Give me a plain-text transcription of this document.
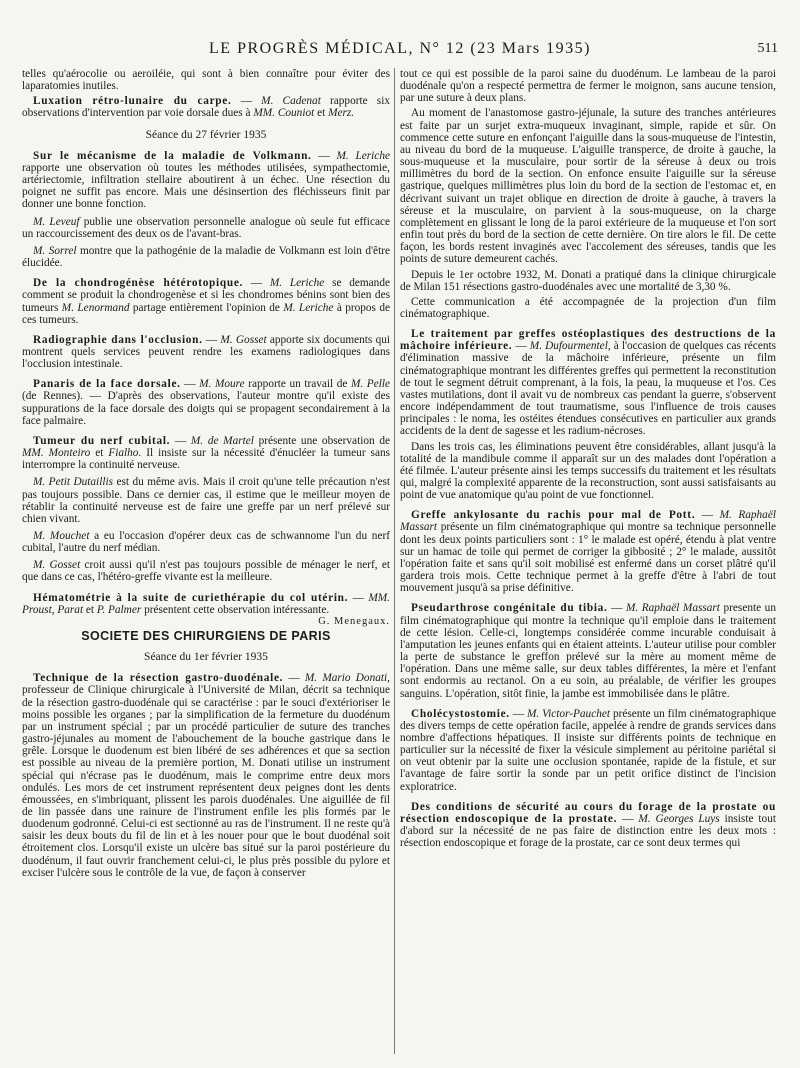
LE PROGRÈS MÉDICAL, N° 12 (23 Mars 1935)	511

telles qu'aérocolie ou aeroiléie, qui sont à bien connaître pour éviter des laparatomies inutiles.

Luxation rétro-lunaire du carpe. — M. Cadenat rapporte six observations d'intervention par voie dorsale dues à MM. Couniot et Merz.

Séance du 27 février 1935

Sur le mécanisme de la maladie de Volkmann. — M. Leriche rapporte une observation où toutes les méthodes utilisées, sympathectomie, artériectomie, infiltration stellaire aboutirent à un échec. Une résection du poignet ne suffit pas encore. Mais une désinsertion des fléchisseurs finit par donner une bonne fonction.

M. Leveuf publie une observation personnelle analogue où seule fut efficace un raccourcissement des deux os de l'avant-bras.

M. Sorrel montre que la pathogénie de la maladie de Volkmann est loin d'être élucidée.

De la chondrogénèse hétérotopique. — M. Leriche se demande comment se produit la chondrogenèse et si les chondromes bénins sont bien des tumeurs M. Lenormand partage entièrement l'opinion de M. Leriche à propos de ces tumeurs.

Radiographie dans l'occlusion. — M. Gosset apporte six documents qui montrent quels services peuvent rendre les examens radiologiques dans l'occlusion intestinale.

Panaris de la face dorsale. — M. Moure rapporte un travail de M. Pelle (de Rennes). — D'après des observations, l'auteur montre qu'il existe des suppurations de la face dorsale des doigts qui se propagent secondairement à la face palmaire.

Tumeur du nerf cubital. — M. de Martel présente une observation de MM. Monteiro et Fialho. Il insiste sur la nécessité d'énucléer la tumeur sans interrompre la continuité nerveuse.

M. Petit Dutaillis est du même avis. Mais il croit qu'une telle précaution n'est pas toujours possible. Dans ce dernier cas, il estime que le meilleur moyen de rétablir la continuité nerveuse est de faire une greffe par un nerf prélevé sur chien vivant.

M. Mouchet a eu l'occasion d'opérer deux cas de schwannome l'un du nerf cubital, l'autre du nerf médian.

M. Gosset croit aussi qu'il n'est pas toujours possible de ménager le nerf, et que dans ce cas, l'hétéro-greffe vivante est la meilleure.

Hématométrie à la suite de curiethérapie du col utérin. — MM. Proust, Parat et P. Palmer présentent cette observation intéressante.
G. Menegaux.

SOCIETE DES CHIRURGIENS DE PARIS
Séance du 1er février 1935

Technique de la résection gastro-duodénale. — M. Mario Donati, professeur de Clinique chirurgicale à l'Université de Milan, décrit sa technique de la résection gastro-duodénale qui se caractérise : par le souci d'extérioriser le moins possible les organes ; par la simplification de la fermeture du duodénum par un instrument spécial ; par un procédé particulier de suture des tranches gastro-jéjunales au moment de l'abouchement de la bouche gastrique dans le grêle. Lorsque le duodenum est bien libéré de ses adhérences et que sa section est possible au niveau de la première portion, M. Donati utilise un instrument spécial qui n'écrase pas le duodénum, mais le comprime entre deux mors ondulés. Les mors de cet instrument représentent deux peignes dont les dents émoussées, en s'imbriquant, plissent les parois duodénales. Une aiguillée de fil de lin passée dans une rainure de l'instrument enfile les plis formés par le duodenum godronné. Celui-ci est sectionné au ras de l'instrument. Il ne reste qu'à saisir les deux bouts du fil de lin et à les nouer pour que le bout duodénal soit étroitement clos. Lorsqu'il existe un ulcère bas situé sur la paroi postérieure du duodénum, il faut ouvrir franchement celui-ci, le plus près possible du pylore et exciser l'ulcère sous le contrôle de la vue, de façon à conserver

tout ce qui est possible de la paroi saine du duodénum. Le lambeau de la paroi duodénale qu'on a respecté permettra de fermer le moignon, sans aucune tension, par une suture à deux plans.

Au moment de l'anastomose gastro-jéjunale, la suture des tranches antérieures est faite par un surjet extra-muqueux invaginant, simple, rapide et sûr. On commence cette suture en enfonçant l'aiguille dans la sous-muqueuse de l'intestin, au niveau du bord de la muqueuse. L'aiguille transperce, de droite à gauche, la sous-muqueuse et la musculaire, pour sortir de la séreuse à deux ou trois millimètres du bord de la section. On enfonce ensuite l'aiguille sur la séreuse gastrique, quelques millimètres plus loin du bord de la section de l'estomac et, en décrivant suivant un trajet oblique en direction de droite à gauche, à travers la séreuse et la musculaire, on parvient à la sous-muqueuse, on la charge complètement en glissant le long de la paroi extérieure de la muqueuse et l'on sort enfin tout près du bord de la section de cette dernière. On tire alors le fil. De cette façon, les bords restent invaginés avec l'accolement des séreuses, tandis que les points de suture demeurent cachés.

Depuis le 1er octobre 1932, M. Donati a pratiqué dans la clinique chirurgicale de Milan 151 résections gastro-duodénales avec une mortalité de 3,30 %.

Cette communication a été accompagnée de la projection d'un film cinématographique.

Le traitement par greffes ostéoplastiques des destructions de la mâchoire inférieure. — M. Dufourmentel, à l'occasion de quelques cas récents d'élimination massive de la mâchoire inférieure, présente un film cinématographique montrant les différentes greffes qui permettent la reconstitution de tout le segment détruit comprenant, à la fois, la peau, la muqueuse et l'os. Ces vastes mutilations, dont il avait vu de nombreux cas pendant la guerre, s'observent encore indépendamment de tout traumatisme, sous l'influence de trois causes principales : le noma, les ostéites étendues consécutives en particulier aux grands accidents de la dent de sagesse et les radium-nécroses.

Dans les trois cas, les éliminations peuvent être considérables, allant jusqu'à la totalité de la mandibule comme il apparaît sur un des malades dont l'opération a été filmée. L'auteur présente ainsi les temps successifs du traitement et les résultats qui, malgré la complexité apparente de la reconstruction, sont aussi satisfaisants au point de vue anatomique qu'au point de vue fonctionnel.

Greffe ankylosante du rachis pour mal de Pott. — M. Raphaël Massart présente un film cinématographique qui montre sa technique personnelle dont les deux points particuliers sont : 1° le malade est opéré, étendu à plat ventre sur un hamac de toile qui permet de corriger la gibbosité ; 2° le malade, aussitôt l'opération faite et sans qu'il soit mobilisé est enfermé dans un corset plâtré qu'il gardera trois mois. Cette technique permet à la greffe d'être à l'abri de tout mouvement jusqu'à sa prise définitive.

Pseudarthrose congénitale du tibia. — M. Raphaël Massart presente un film cinématographique qui montre la technique qu'il emploie dans le traitement de cette lésion. Celle-ci, longtemps considérée comme incurable conduisait à l'amputation les jeunes enfants qui en étaient atteints. L'auteur utilise pour combler la perte de substance le greffon prélevé sur la mère au moment même de l'opération. Dans une même salle, sur deux tables différentes, la mère et l'enfant sont endormis au rectanol. On a eu soin, au préalable, de vérifier les groupes sanguins. L'opération, sitôt finie, la jambe est immobilisée dans le plâtre.

Cholécystostomie. — M. Victor-Pauchet présente un film cinématographique des divers temps de cette opération facile, appelée à rendre de grands services dans nombre d'affections hépatiques. Il insiste sur différents points de technique en particulier sur la nécessité de fixer la vésicule simplement au péritoine pariétal si on veut obtenir par la suite une occlusion spontanée, rapide de la fistule, et sur l'avantage de faire sortir la sonde par un petit orifice distinct de l'incision exploratrice.

Des conditions de sécurité au cours du forage de la prostate ou résection endoscopique de la prostate. — M. Georges Luys insiste tout d'abord sur la nécessité de ne pas faire de distinction entre les deux mots : résection endoscopique et forage de la prostate, car ce sont deux termes qui
